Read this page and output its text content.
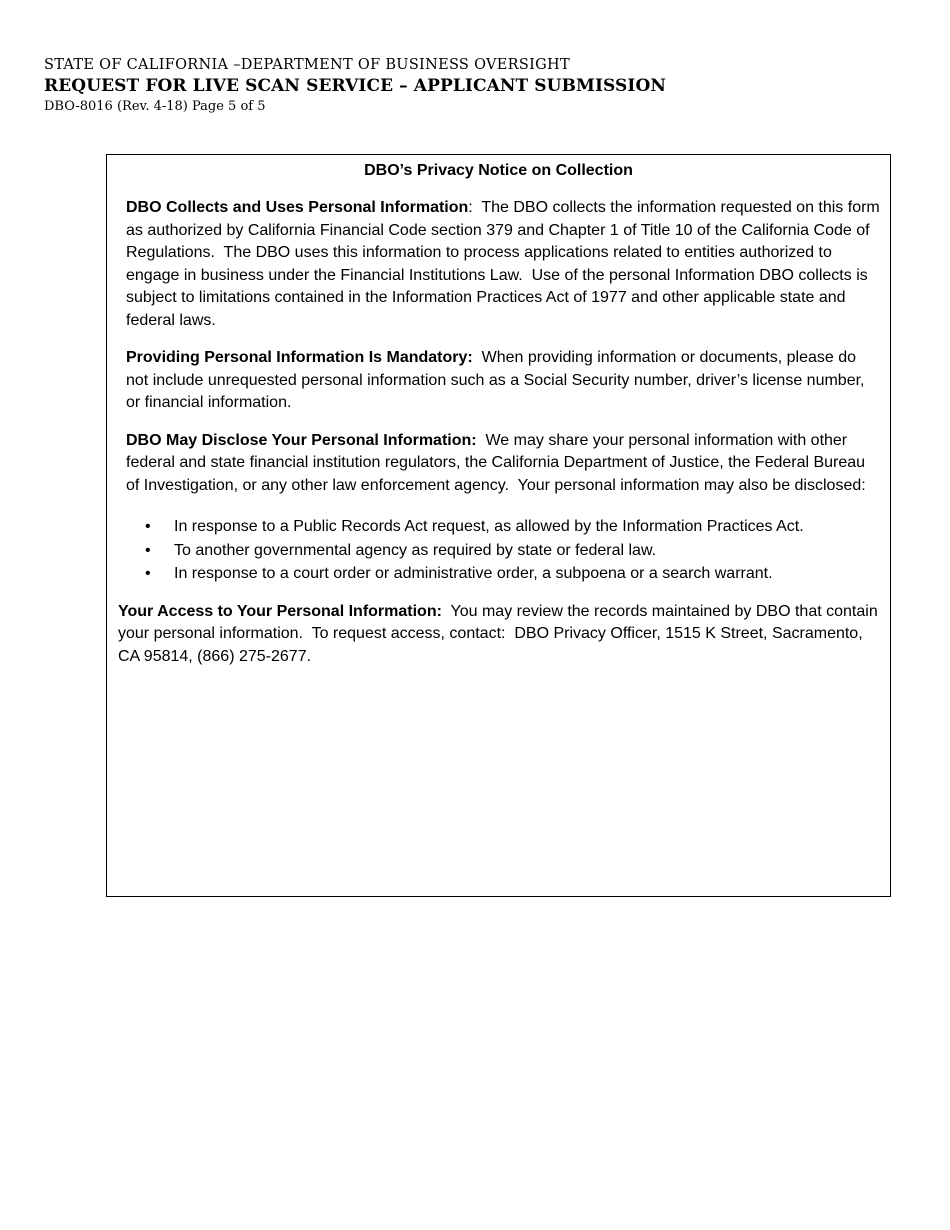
STATE OF CALIFORNIA –DEPARTMENT OF BUSINESS OVERSIGHT
REQUEST FOR LIVE SCAN SERVICE – APPLICANT SUBMISSION
DBO-8016 (Rev. 4-18) Page 5 of 5
DBO’s Privacy Notice on Collection
DBO Collects and Uses Personal Information:  The DBO collects the information requested on this form as authorized by California Financial Code section 379 and Chapter 1 of Title 10 of the California Code of Regulations.  The DBO uses this information to process applications related to entities authorized to engage in business under the Financial Institutions Law.  Use of the personal Information DBO collects is subject to limitations contained in the Information Practices Act of 1977 and other applicable state and federal laws.
Providing Personal Information Is Mandatory:  When providing information or documents, please do not include unrequested personal information such as a Social Security number, driver’s license number, or financial information.
DBO May Disclose Your Personal Information:  We may share your personal information with other federal and state financial institution regulators, the California Department of Justice, the Federal Bureau of Investigation, or any other law enforcement agency.  Your personal information may also be disclosed:
• In response to a Public Records Act request, as allowed by the Information Practices Act.
• To another governmental agency as required by state or federal law.
• In response to a court order or administrative order, a subpoena or a search warrant.
Your Access to Your Personal Information:  You may review the records maintained by DBO that contain your personal information.  To request access, contact:  DBO Privacy Officer, 1515 K Street, Sacramento, CA 95814, (866) 275-2677.
